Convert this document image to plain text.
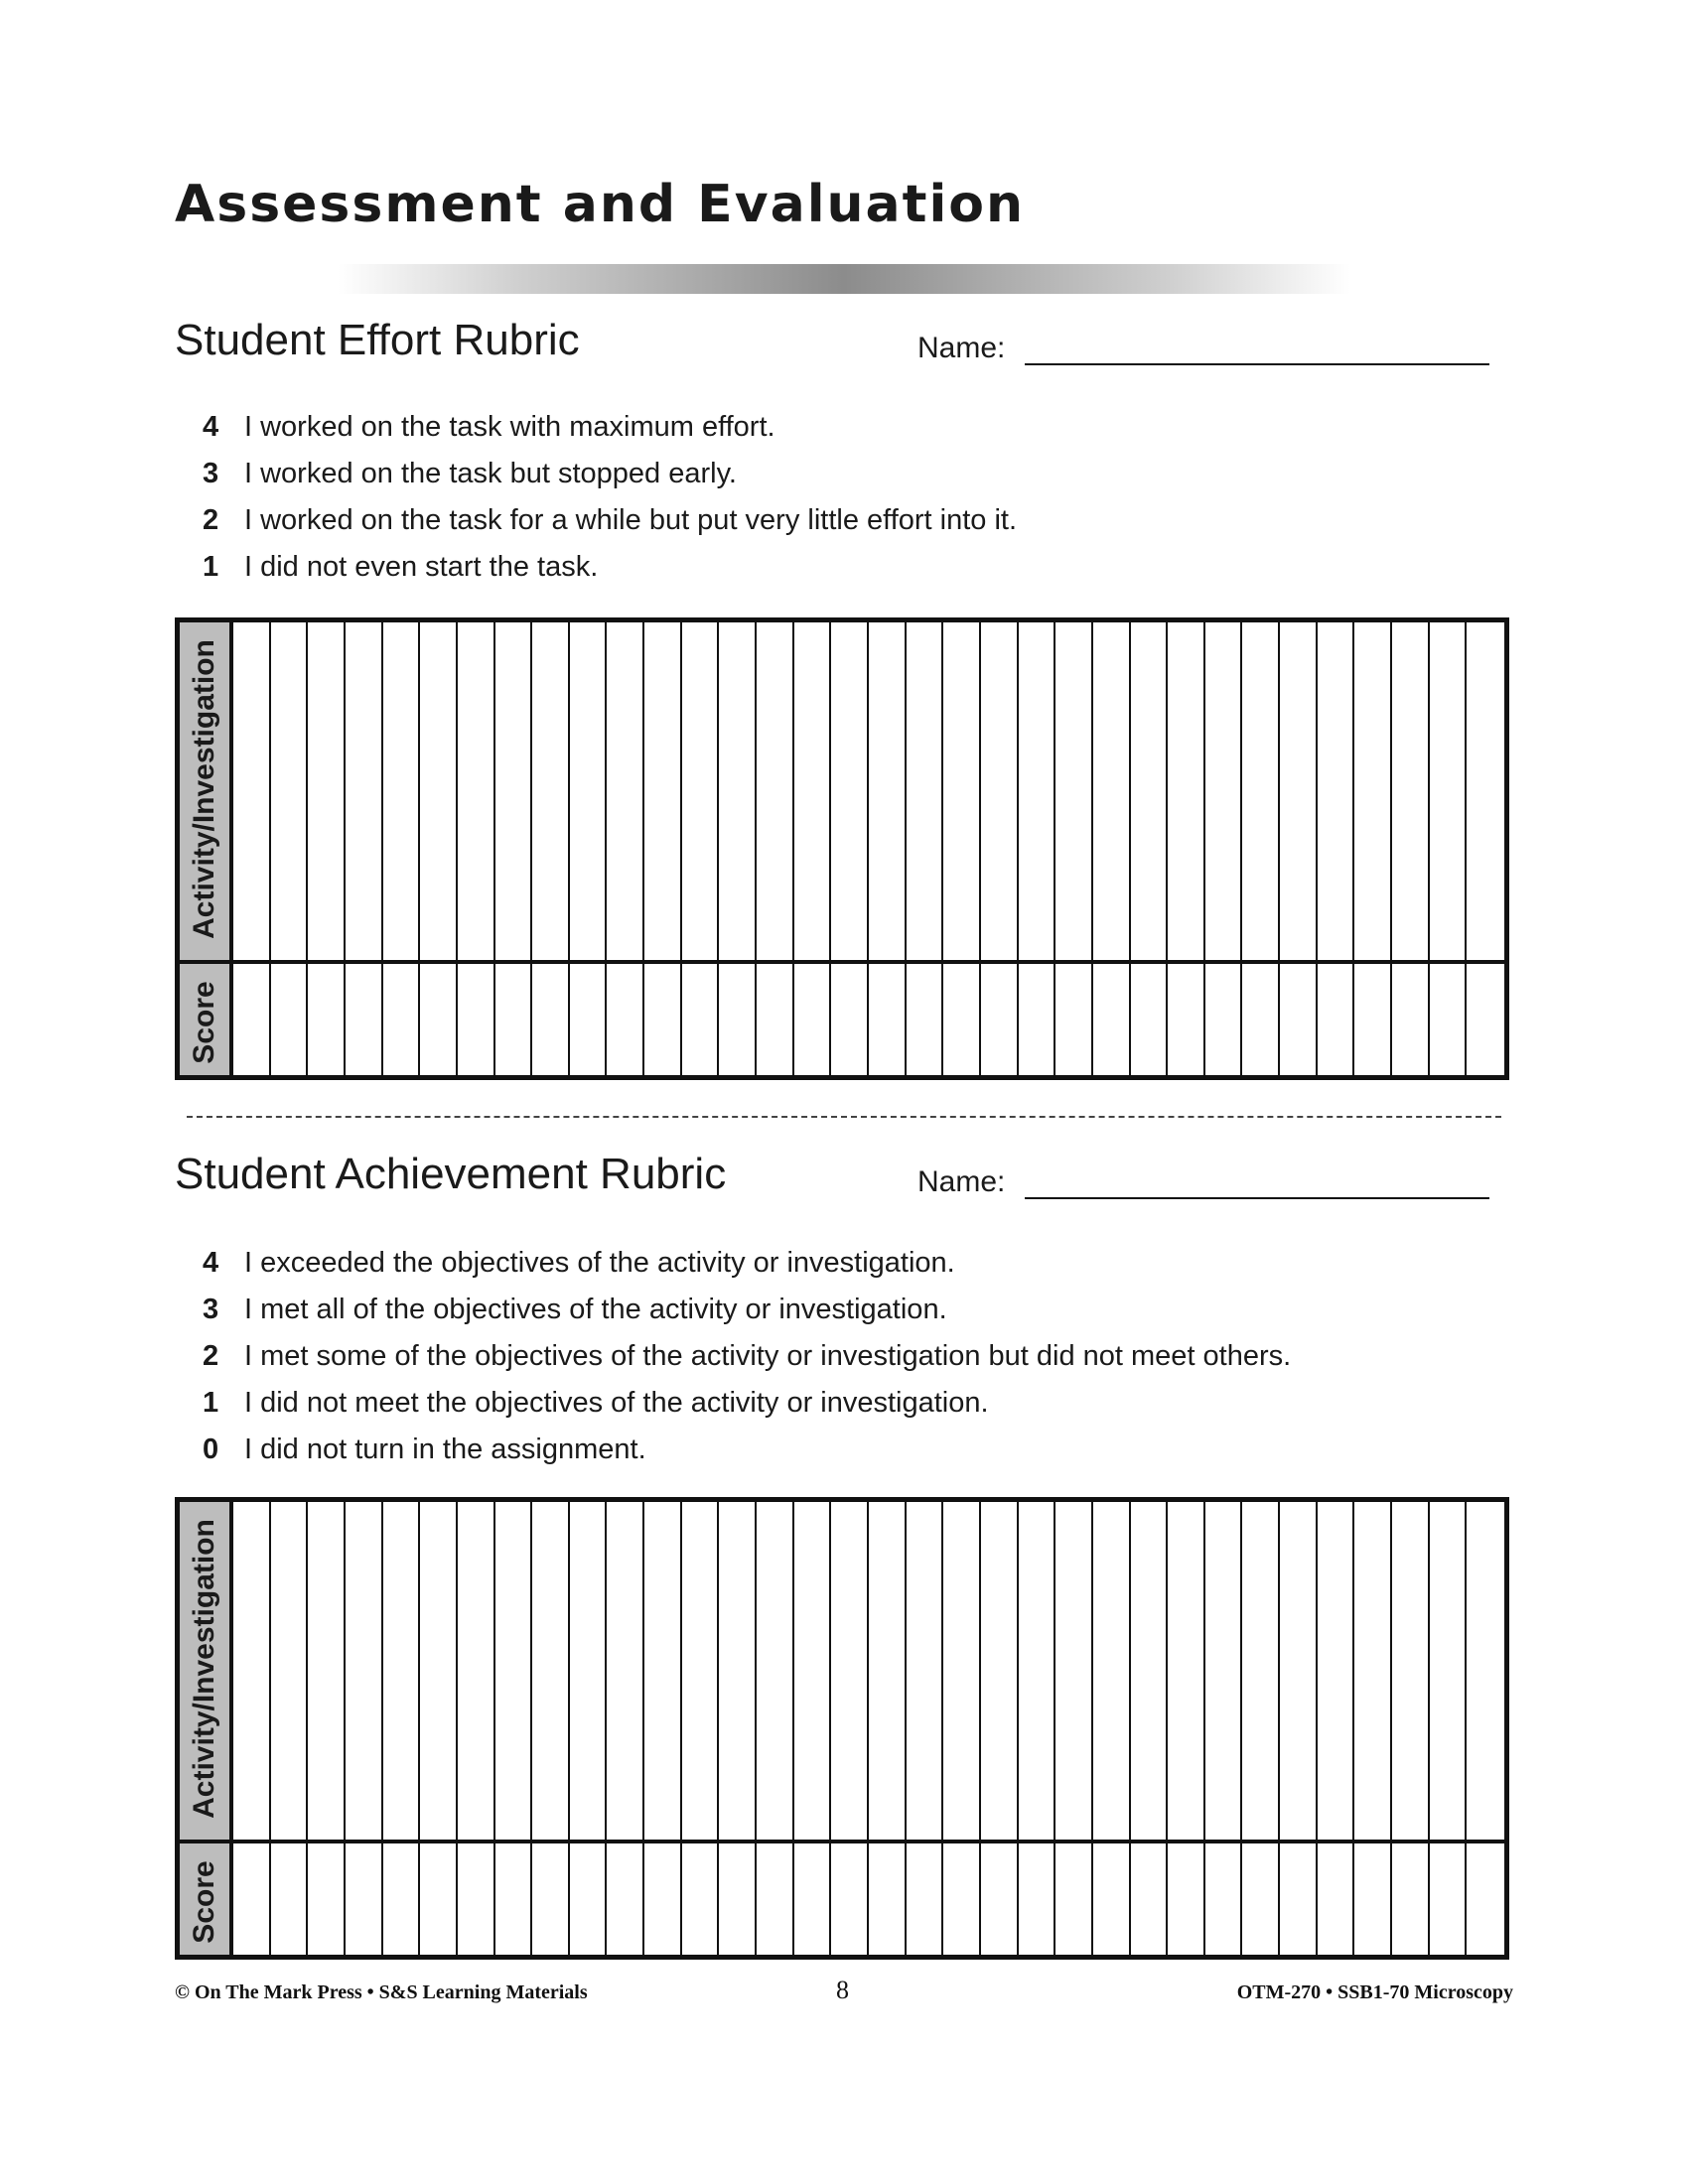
Assessment and Evaluation
Student Effort Rubric	Name:
4 I worked on the task with maximum effort.
3 I worked on the task but stopped early.
2 I worked on the task for a while but put very little effort into it.
1 I did not even start the task.
Activity/Investigation
Score
Student Achievement Rubric	Name:
4 I exceeded the objectives of the activity or investigation.
3 I met all of the objectives of the activity or investigation.
2 I met some of the objectives of the activity or investigation but did not meet others.
1 I did not meet the objectives of the activity or investigation.
0 I did not turn in the assignment.
Activity/Investigation
Score
© On The Mark Press • S&S Learning Materials	8	OTM-270 • SSB1-70 Microscopy
